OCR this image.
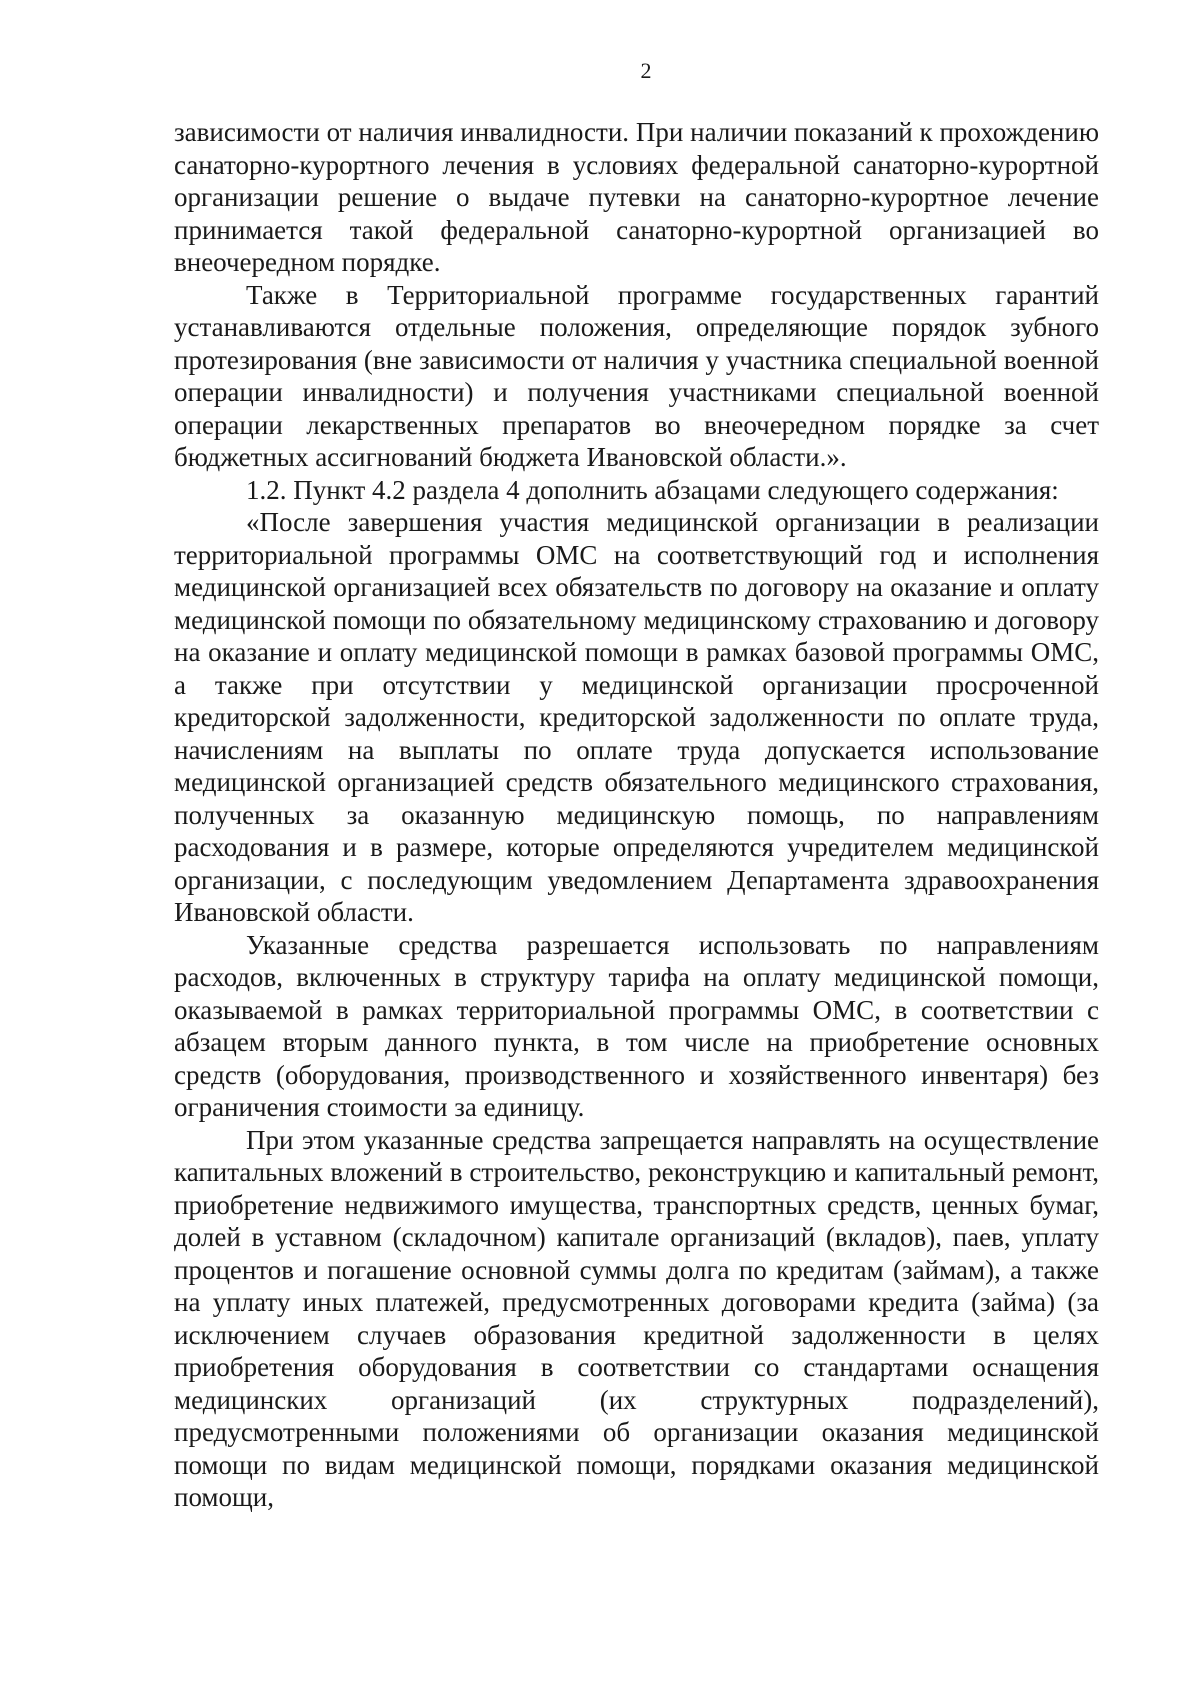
2

зависимости от наличия инвалидности. При наличии показаний к прохождению санаторно-курортного лечения в условиях федеральной санаторно-курортной организации решение о выдаче путевки на санаторно-курортное лечение принимается такой федеральной санаторно-курортной организацией во внеочередном порядке.

Также в Территориальной программе государственных гарантий устанавливаются отдельные положения, определяющие порядок зубного протезирования (вне зависимости от наличия у участника специальной военной операции инвалидности) и получения участниками специальной военной операции лекарственных препаратов во внеочередном порядке за счет бюджетных ассигнований бюджета Ивановской области.».

1.2. Пункт 4.2 раздела 4 дополнить абзацами следующего содержания:

«После завершения участия медицинской организации в реализации территориальной программы ОМС на соответствующий год и исполнения медицинской организацией всех обязательств по договору на оказание и оплату медицинской помощи по обязательному медицинскому страхованию и договору на оказание и оплату медицинской помощи в рамках базовой программы ОМС, а также при отсутствии у медицинской организации просроченной кредиторской задолженности, кредиторской задолженности по оплате труда, начислениям на выплаты по оплате труда допускается использование медицинской организацией средств обязательного медицинского страхования, полученных за оказанную медицинскую помощь, по направлениям расходования и в размере, которые определяются учредителем медицинской организации, с последующим уведомлением Департамента здравоохранения Ивановской области.

Указанные средства разрешается использовать по направлениям расходов, включенных в структуру тарифа на оплату медицинской помощи, оказываемой в рамках территориальной программы ОМС, в соответствии с абзацем вторым данного пункта, в том числе на приобретение основных средств (оборудования, производственного и хозяйственного инвентаря) без ограничения стоимости за единицу.

При этом указанные средства запрещается направлять на осуществление капитальных вложений в строительство, реконструкцию и капитальный ремонт, приобретение недвижимого имущества, транспортных средств, ценных бумаг, долей в уставном (складочном) капитале организаций (вкладов), паев, уплату процентов и погашение основной суммы долга по кредитам (займам), а также на уплату иных платежей, предусмотренных договорами кредита (займа) (за исключением случаев образования кредитной задолженности в целях приобретения оборудования в соответствии со стандартами оснащения медицинских организаций (их структурных подразделений), предусмотренными положениями об организации оказания медицинской помощи по видам медицинской помощи, порядками оказания медицинской помощи,
